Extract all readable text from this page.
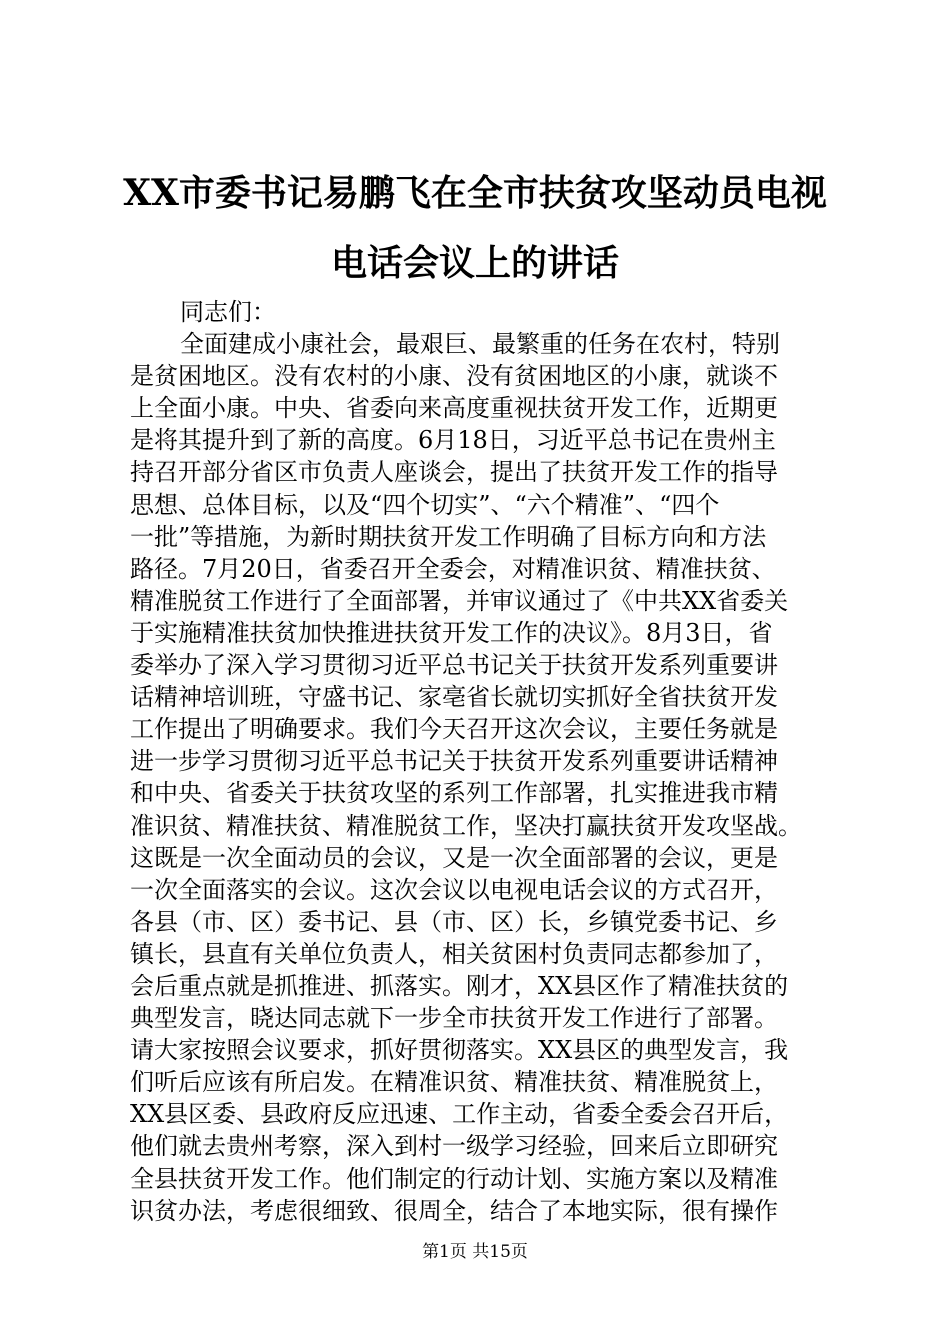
XX市委书记易鹏飞在全市扶贫攻坚动员电视
电话会议上的讲话
同志们：
全面建成小康社会，最艰巨、最繁重的任务在农村，特别
是贫困地区。没有农村的小康、没有贫困地区的小康，就谈不
上全面小康。中央、省委向来高度重视扶贫开发工作，近期更
是将其提升到了新的高度。6月18日，习近平总书记在贵州主
持召开部分省区市负责人座谈会，提出了扶贫开发工作的指导
思想、总体目标，以及“四个切实”、“六个精准”、“四个
一批”等措施，为新时期扶贫开发工作明确了目标方向和方法
路径。7月20日，省委召开全委会，对精准识贫、精准扶贫、
精准脱贫工作进行了全面部署，并审议通过了《中共XX省委关
于实施精准扶贫加快推进扶贫开发工作的决议》。8月3日，省
委举办了深入学习贯彻习近平总书记关于扶贫开发系列重要讲
话精神培训班，守盛书记、家亳省长就切实抓好全省扶贫开发
工作提出了明确要求。我们今天召开这次会议，主要任务就是
进一步学习贯彻习近平总书记关于扶贫开发系列重要讲话精神
和中央、省委关于扶贫攻坚的系列工作部署，扎实推进我市精
准识贫、精准扶贫、精准脱贫工作，坚决打赢扶贫开发攻坚战。
这既是一次全面动员的会议，又是一次全面部署的会议，更是
一次全面落实的会议。这次会议以电视电话会议的方式召开，
各县（市、区）委书记、县（市、区）长，乡镇党委书记、乡
镇长，县直有关单位负责人，相关贫困村负责同志都参加了，
会后重点就是抓推进、抓落实。刚才，XX县区作了精准扶贫的
典型发言，晓达同志就下一步全市扶贫开发工作进行了部署。
请大家按照会议要求，抓好贯彻落实。XX县区的典型发言，我
们听后应该有所启发。在精准识贫、精准扶贫、精准脱贫上，
XX县区委、县政府反应迅速、工作主动，省委全委会召开后，
他们就去贵州考察，深入到村一级学习经验，回来后立即研究
全县扶贫开发工作。他们制定的行动计划、实施方案以及精准
识贫办法，考虑很细致、很周全，结合了本地实际，很有操作
第1页 共15页
